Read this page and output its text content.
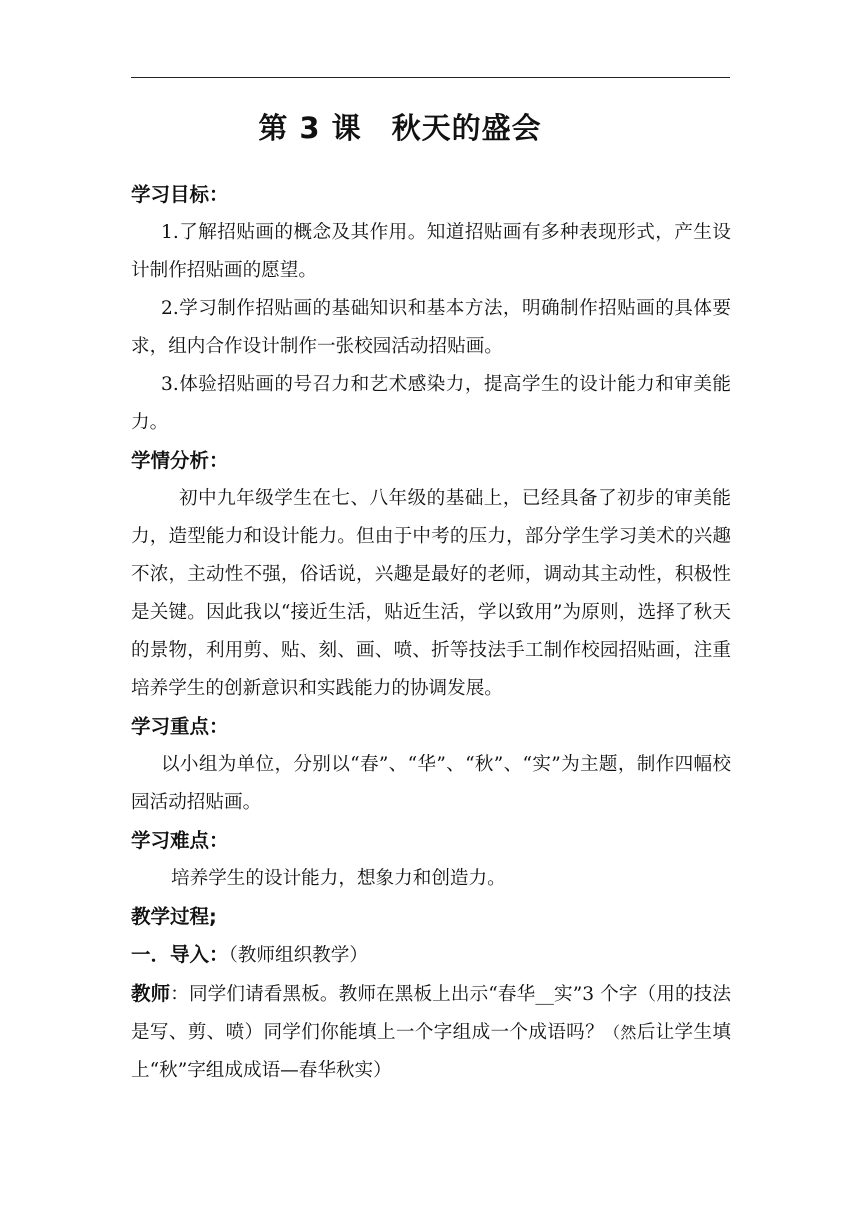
第 3 课　秋天的盛会
学习目标：

1.了解招贴画的概念及其作用。知道招贴画有多种表现形式，产生设计制作招贴画的愿望。

2.学习制作招贴画的基础知识和基本方法，明确制作招贴画的具体要求，组内合作设计制作一张校园活动招贴画。

3.体验招贴画的号召力和艺术感染力，提高学生的设计能力和审美能力。

学情分析：

初中九年级学生在七、八年级的基础上，已经具备了初步的审美能力，造型能力和设计能力。但由于中考的压力，部分学生学习美术的兴趣不浓，主动性不强，俗话说，兴趣是最好的老师，调动其主动性，积极性是关键。因此我以“接近生活，贴近生活，学以致用”为原则，选择了秋天的景物，利用剪、贴、刻、画、喷、折等技法手工制作校园招贴画，注重培养学生的创新意识和实践能力的协调发展。

学习重点：

以小组为单位，分别以“春”、“华”、“秋”、“实”为主题，制作四幅校园活动招贴画。

学习难点：

培养学生的设计能力，想象力和创造力。

教学过程;
一．导入：（教师组织教学）

教师：同学们请看黑板。教师在黑板上出示“春华__实”3 个字（用的技法是写、剪、喷）同学们你能填上一个字组成一个成语吗？（然后让学生填上“秋”字组成成语—春华秋实）
